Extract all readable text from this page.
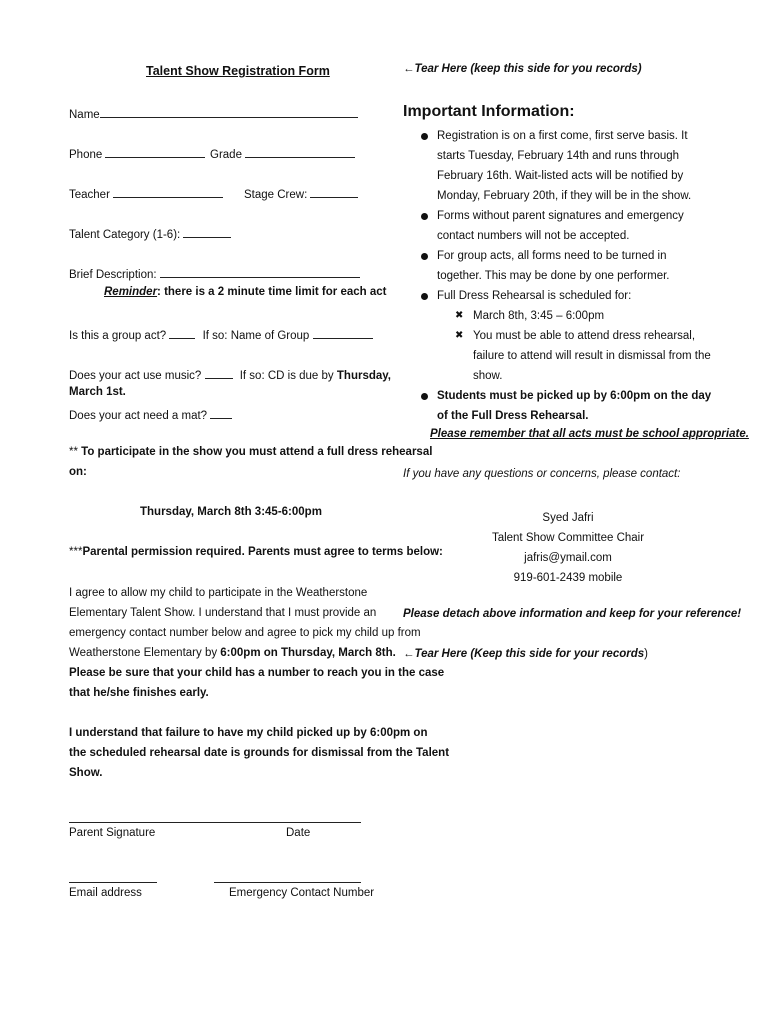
Talent Show Registration Form
Name
Phone	Grade
Teacher	Stage Crew:
Talent Category (1-6):
Brief Description:
Reminder: there is a 2 minute time limit for each act
Is this a group act?	If so: Name of Group
Does your act use music?	If so: CD is due by Thursday,
March 1st.
Does your act need a mat?
** To participate in the show you must attend a full dress rehearsal
on:
Thursday, March 8th 3:45-6:00pm
***Parental permission required. Parents must agree to terms below:
I agree to allow my child to participate in the Weatherstone
Elementary Talent Show. I understand that I must provide an
emergency contact number below and agree to pick my child up from
Weatherstone Elementary by 6:00pm on Thursday, March 8th.
Please be sure that your child has a number to reach you in the case
that he/she finishes early.
I understand that failure to have my child picked up by 6:00pm on
the scheduled rehearsal date is grounds for dismissal from the Talent
Show.
Parent Signature	Date
Email address	Emergency Contact Number
←Tear Here (keep this side for you records)
Important Information:
Registration is on a first come, first serve basis. It starts Tuesday, February 14th and runs through February 16th. Wait-listed acts will be notified by Monday, February 20th, if they will be in the show.
Forms without parent signatures and emergency contact numbers will not be accepted.
For group acts, all forms need to be turned in together. This may be done by one performer.
Full Dress Rehearsal is scheduled for:
✖ March 8th, 3:45 – 6:00pm
✖ You must be able to attend dress rehearsal, failure to attend will result in dismissal from the show.
Students must be picked up by 6:00pm on the day of the Full Dress Rehearsal.
Please remember that all acts must be school appropriate.
If you have any questions or concerns, please contact:
Syed Jafri
Talent Show Committee Chair
jafris@ymail.com
919-601-2439 mobile
Please detach above information and keep for your reference!
←Tear Here (Keep this side for your records)
